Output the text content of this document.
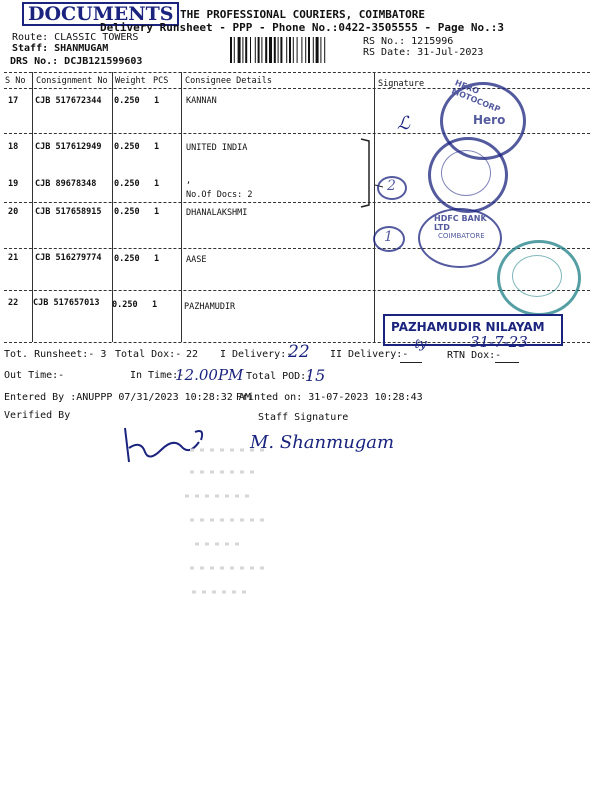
DOCUMENTS THE PROFESSIONAL COURIERS, COIMBATORE
Delivery Runsheet - PPP - Phone No.:0422-3505555 - Page No.:3
Route: CLASSIC TOWERS
Staff: SHANMUGAM
DRS No.: DCJB121599603
RS No.: 1215996
RS Date: 31-Jul-2023
S No Consignment No Weight PCS Consignee Details	Signature
17 CJB 517672344 0.250 1	KANNAN
18 CJB 517612949 0.250 1	UNITED INDIA
19 CJB 89678348 0.250 1	,
No.Of Docs: 2
20 CJB 517658915 0.250 1	DHANALAKSHMI
21 CJB 516279774 0.250 1	AASE
22 CJB 517657013 0.250 1	PAZHAMUDIR
2
1
HERO MOTOCORP
Hero
ℒ
HDFC BANK LTD
COIMBATORE
PAZHAMUDIR NILAYAM
31-7-23
ℓy
Tot. Runsheet:- 3 Total Dox:- 22 I Delivery:-
22 II Delivery:-	RTN Dox:-
Out Time:-	In Time:-
12.00PM Total POD:-
15
Entered By :ANUPPP 07/31/2023 10:28:32 AM
Printed on: 31-07-2023 10:28:43
Verified By	Staff Signature
M. Shanmugam
